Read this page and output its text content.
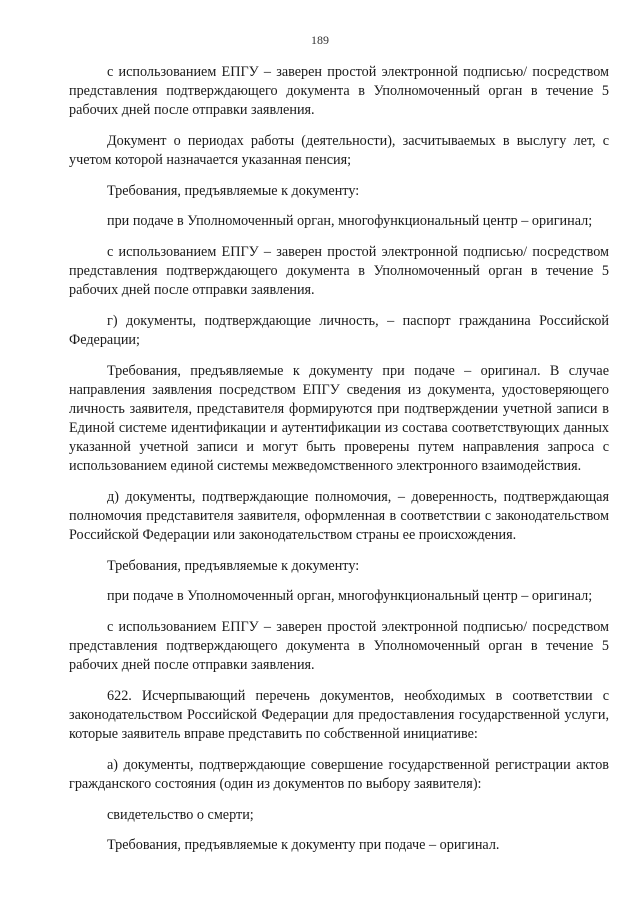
189

с использованием ЕПГУ – заверен простой электронной подписью/ посредством представления подтверждающего документа в Уполномоченный орган в течение 5 рабочих дней после отправки заявления.

Документ о периодах работы (деятельности), засчитываемых в выслугу лет, с учетом которой назначается указанная пенсия;

Требования, предъявляемые к документу:

при подаче в Уполномоченный орган, многофункциональный центр – оригинал;

с использованием ЕПГУ – заверен простой электронной подписью/ посредством представления подтверждающего документа в Уполномоченный орган в течение 5 рабочих дней после отправки заявления.

г) документы, подтверждающие личность, – паспорт гражданина Российской Федерации;

Требования, предъявляемые к документу при подаче – оригинал. В случае направления заявления посредством ЕПГУ сведения из документа, удостоверяющего личность заявителя, представителя формируются при подтверждении учетной записи в Единой системе идентификации и аутентификации из состава соответствующих данных указанной учетной записи и могут быть проверены путем направления запроса с использованием единой системы межведомственного электронного взаимодействия.

д) документы, подтверждающие полномочия, – доверенность, подтверждающая полномочия представителя заявителя, оформленная в соответствии с законодательством Российской Федерации или законодательством страны ее происхождения.

Требования, предъявляемые к документу:

при подаче в Уполномоченный орган, многофункциональный центр – оригинал;

с использованием ЕПГУ – заверен простой электронной подписью/ посредством представления подтверждающего документа в Уполномоченный орган в течение 5 рабочих дней после отправки заявления.

622. Исчерпывающий перечень документов, необходимых в соответствии с законодательством Российской Федерации для предоставления государственной услуги, которые заявитель вправе представить по собственной инициативе:

а) документы, подтверждающие совершение государственной регистрации актов гражданского состояния (один из документов по выбору заявителя):

свидетельство о смерти;

Требования, предъявляемые к документу при подаче – оригинал.
